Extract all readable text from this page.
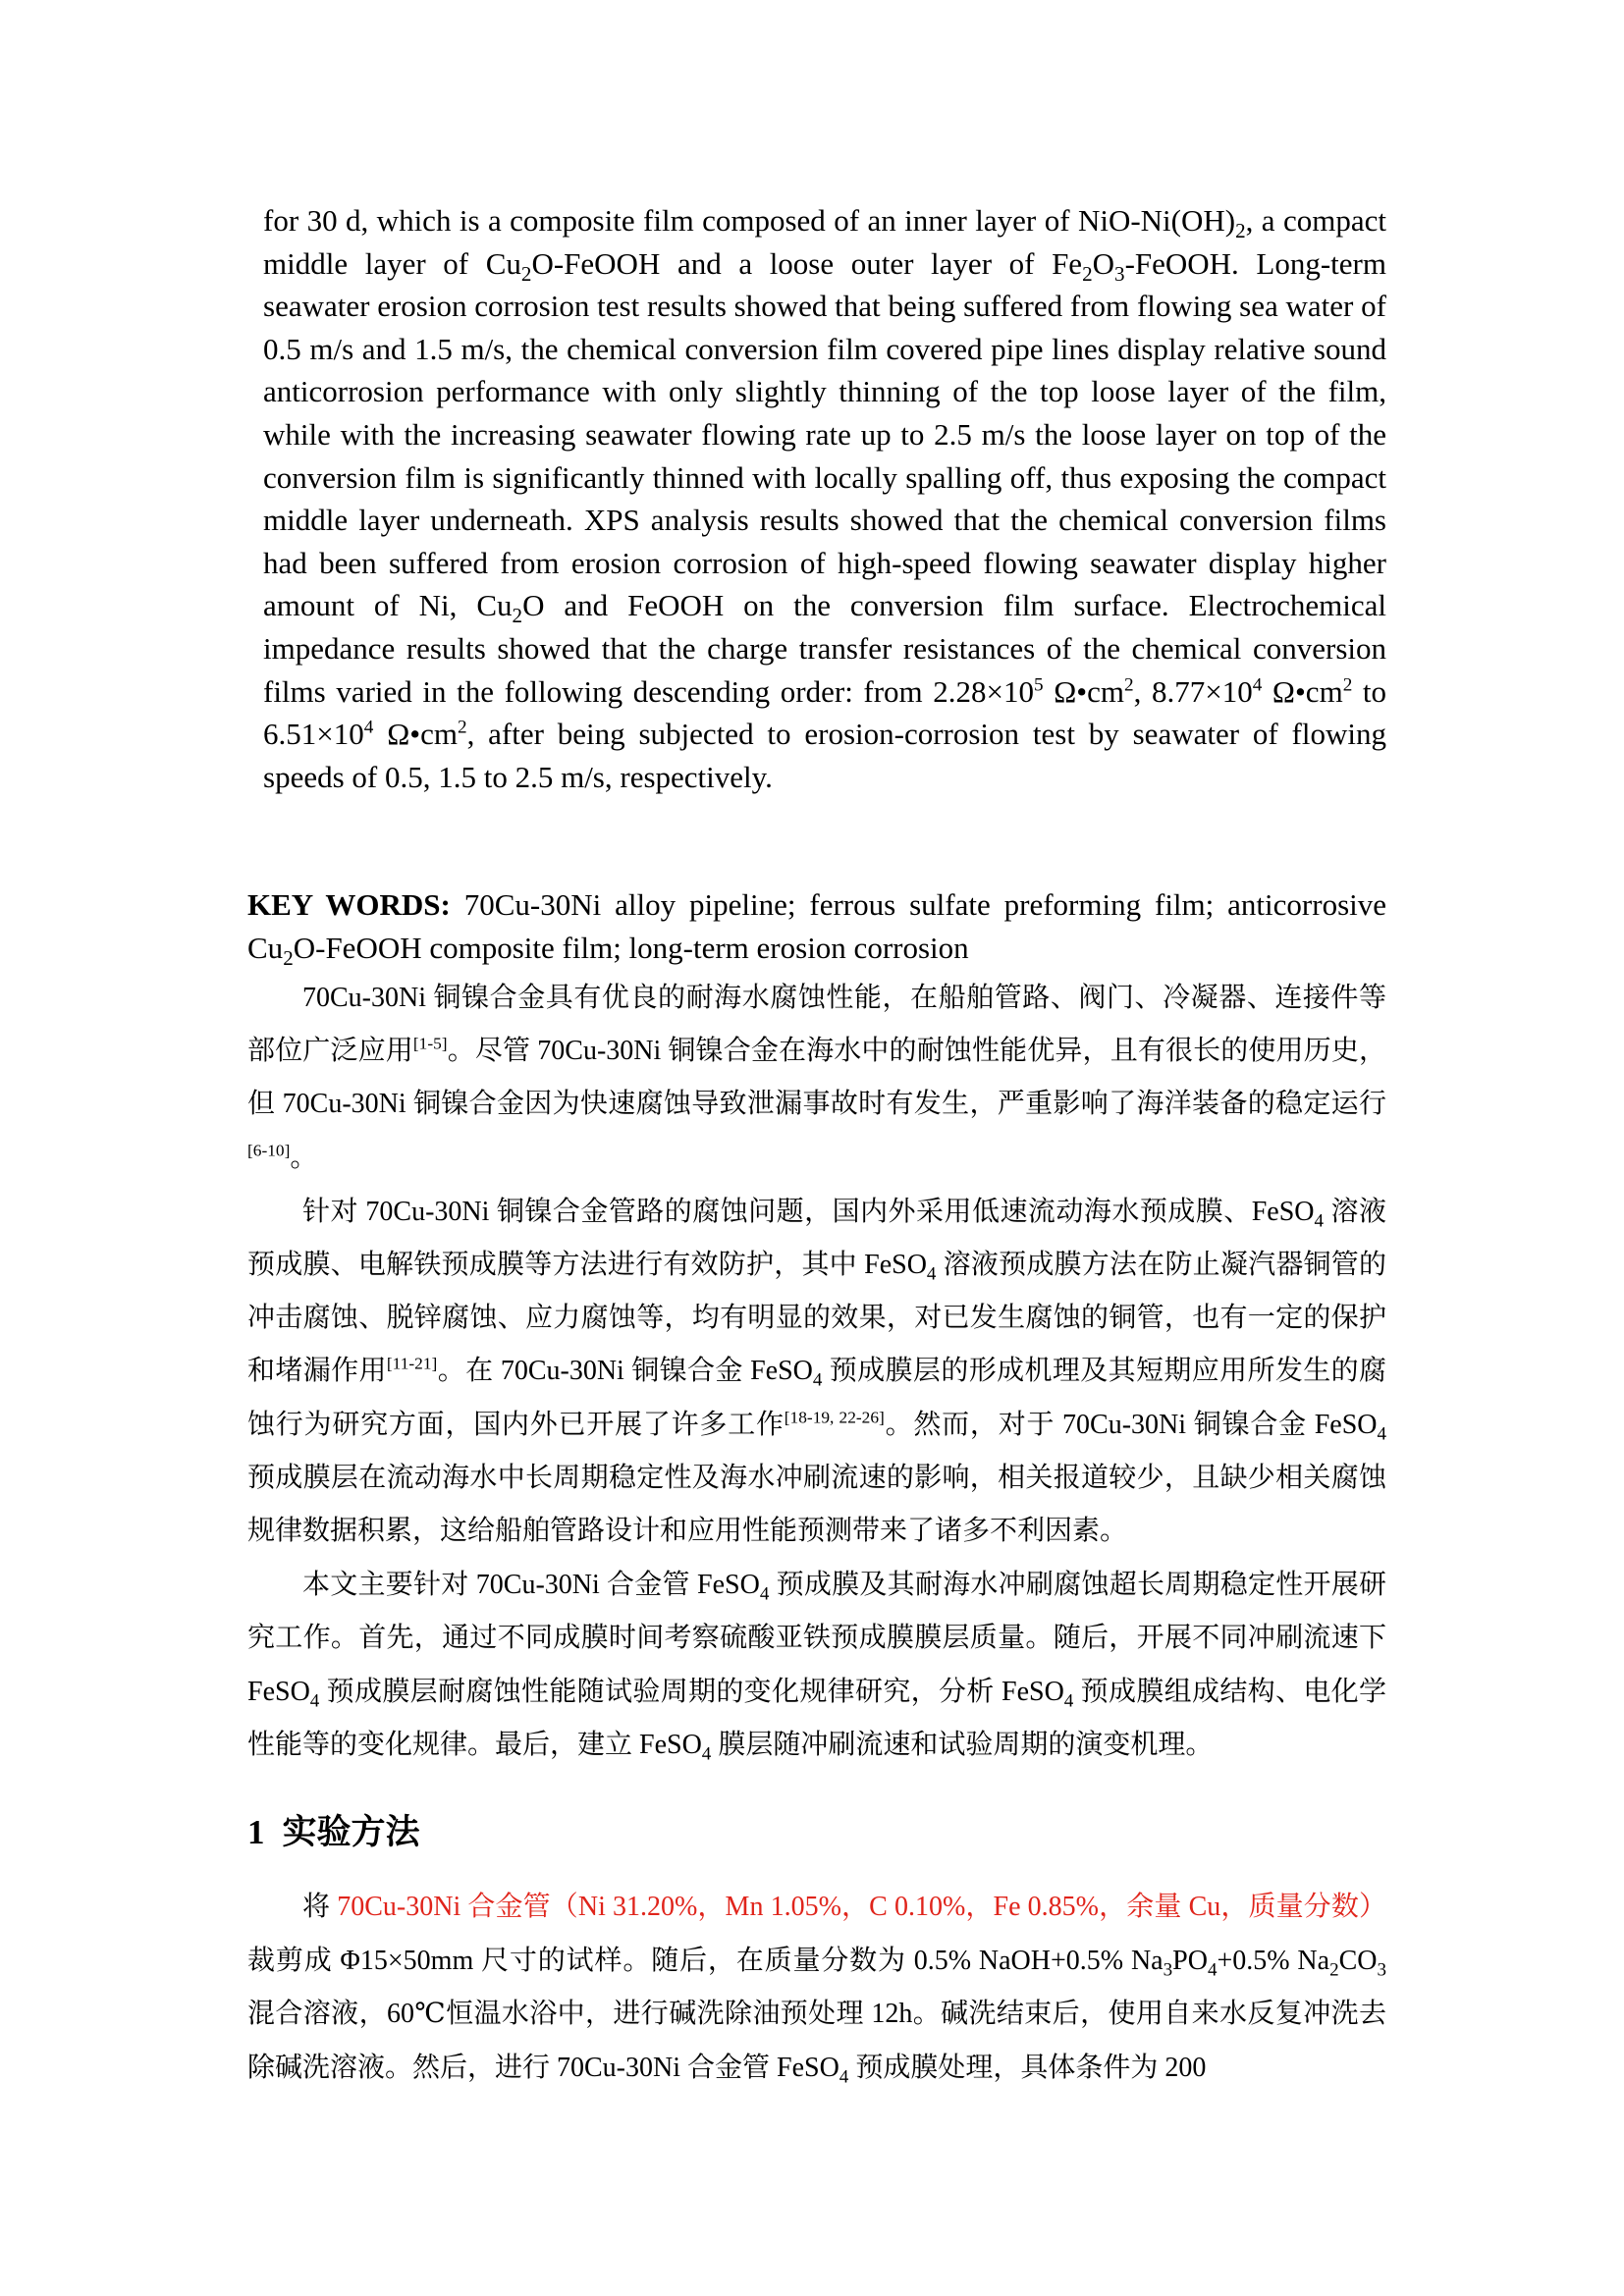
for 30 d, which is a composite film composed of an inner layer of NiO-$Ni(OH)_2$, a compact middle layer of $Cu_2O$-FeOOH and a loose outer layer of $Fe_2O_3$-FeOOH. Long-term seawater erosion corrosion test results showed that being suffered from flowing sea water of 0.5 m/s and 1.5 m/s, the chemical conversion film covered pipe lines display relative sound anticorrosion performance with only slightly thinning of the top loose layer of the film, while with the increasing seawater flowing rate up to 2.5 m/s the loose layer on top of the conversion film is significantly thinned with locally spalling off, thus exposing the compact middle layer underneath. XPS analysis results showed that the chemical conversion films had been suffered from erosion corrosion of high-speed flowing seawater display higher amount of Ni, $Cu_2O$ and FeOOH on the conversion film surface. Electrochemical impedance results showed that the charge transfer resistances of the chemical conversion films varied in the following descending order: from $2.28\times 10^5$ $\Omega•cm^2$, $8.77\times 10^4$ $\Omega•cm^2$ to $6.51\times 10^4$ $\Omega•cm^2$, after being subjected to erosion-corrosion test by seawater of flowing speeds of 0.5, 1.5 to 2.5 m/s, respectively.

KEY WORDS: 70Cu-30Ni alloy pipeline; ferrous sulfate preforming film; anticorrosive $Cu_2O$-FeOOH composite film; long-term erosion corrosion

70Cu-30Ni 铜镍合金具有优良的耐海水腐蚀性能，在船舶管路、阀门、冷凝器、连接件等部位广泛应用[1-5]。尽管 70Cu-30Ni 铜镍合金在海水中的耐蚀性能优异，且有很长的使用历史，但 70Cu-30Ni 铜镍合金因为快速腐蚀导致泄漏事故时有发生，严重影响了海洋装备的稳定运行[6-10]。

针对 70Cu-30Ni 铜镍合金管路的腐蚀问题，国内外采用低速流动海水预成膜、FeSO$_4$ 溶液预成膜、电解铁预成膜等方法进行有效防护，其中 FeSO$_4$ 溶液预成膜方法在防止凝汽器铜管的冲击腐蚀、脱锌腐蚀、应力腐蚀等，均有明显的效果，对已发生腐蚀的铜管，也有一定的保护和堵漏作用[11-21]。在 70Cu-30Ni 铜镍合金 FeSO$_4$ 预成膜层的形成机理及其短期应用所发生的腐蚀行为研究方面，国内外已开展了许多工作[18-19, 22-26]。然而，对于 70Cu-30Ni 铜镍合金 FeSO$_4$ 预成膜层在流动海水中长周期稳定性及海水冲刷流速的影响，相关报道较少，且缺少相关腐蚀规律数据积累，这给船舶管路设计和应用性能预测带来了诸多不利因素。

本文主要针对 70Cu-30Ni 合金管 FeSO$_4$ 预成膜及其耐海水冲刷腐蚀超长周期稳定性开展研究工作。首先，通过不同成膜时间考察硫酸亚铁预成膜膜层质量。随后，开展不同冲刷流速下 FeSO$_4$ 预成膜层耐腐蚀性能随试验周期的变化规律研究，分析 FeSO$_4$ 预成膜组成结构、电化学性能等的变化规律。最后，建立 FeSO$_4$ 膜层随冲刷流速和试验周期的演变机理。

1 实验方法

将 70Cu-30Ni 合金管（Ni 31.20%，Mn 1.05%，C 0.10%，Fe 0.85%，余量 Cu，质量分数）裁剪成 Φ15×50mm 尺寸的试样。随后，在质量分数为 0.5% NaOH+0.5% $Na_3PO_4+0.5\%$ $Na_2CO_3$ 混合溶液，60℃恒温水浴中，进行碱洗除油预处理 12h。碱洗结束后，使用自来水反复冲洗去除碱洗溶液。然后，进行 70Cu-30Ni 合金管 FeSO$_4$ 预成膜处理，具体条件为 200
